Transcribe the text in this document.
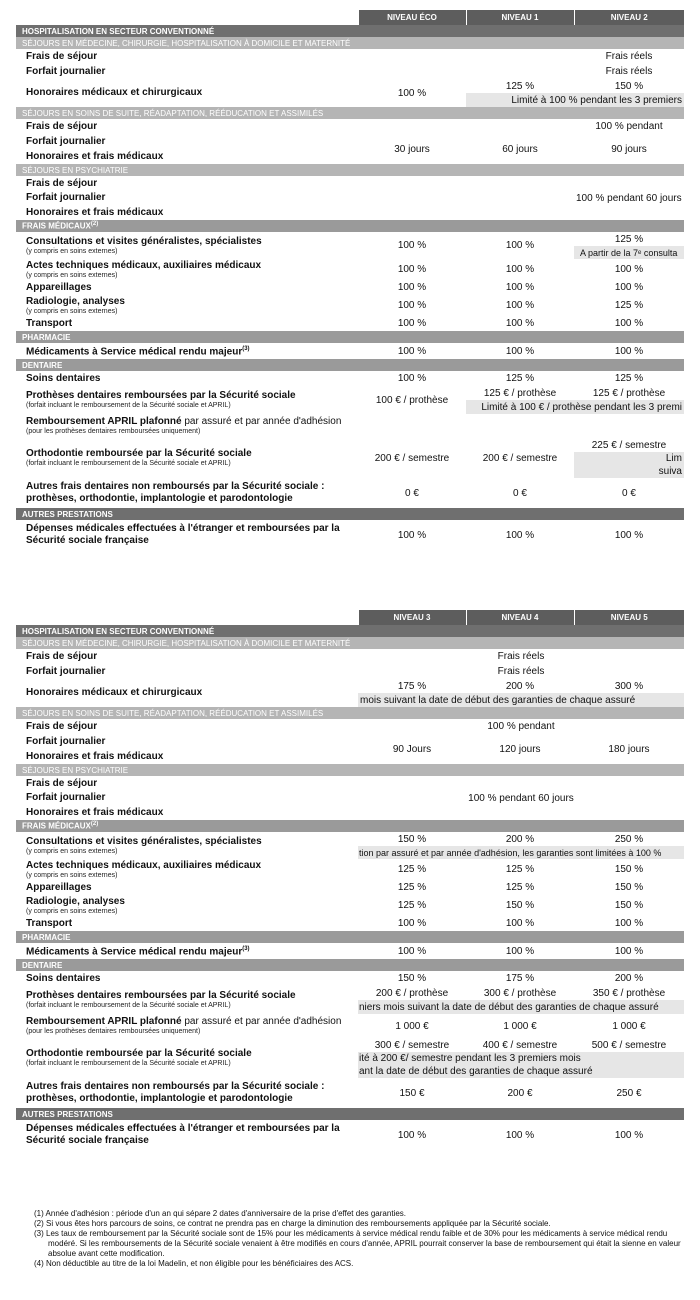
	NIVEAU ÉCO	NIVEAU 1	NIVEAU 2
HOSPITALISATION EN SECTEUR CONVENTIONNÉ			
SÉJOURS EN MÉDECINE, CHIRURGIE, HOSPITALISATION À DOMICILE ET MATERNITÉ			

Frais de séjour			Frais réels

Forfait journalier			Frais réels

Honoraires médicaux et chirurgicaux	100 %	125 %	150 %
		Limité à 100 % pendant les 3 premiers	
SÉJOURS EN SOINS DE SUITE, RÉADAPTATION, RÉÉDUCATION ET ASSIMILÉS			

Frais de séjour			100 % pendant

Forfait journalier	30 jours	60 jours	90 jours

Honoraires et frais médicaux			

SÉJOURS EN PSYCHIATRIE			

Frais de séjour			100 % pendant 60 jours

Forfait journalier			

Honoraires et frais médicaux			

FRAIS MÉDICAUX$^{(2)}$

Consultations et visites généralistes, spécialistes
(y compris en soins externes)	100 %	100 %	125 %
			A partir de la 7ᵉ consulta

Actes techniques médicaux, auxiliaires médicaux
(y compris en soins externes)	100 %	100 %	100 %

Appareillages	100 %	100 %	100 %

Radiologie, analyses
(y compris en soins externes)	100 %	100 %	125 %

Transport	100 %	100 %	100 %
PHARMACIE			

Médicaments à Service médical rendu majeur$^{(3)}$	100 %	100 %	100 %
DENTAIRE			

Soins dentaires	100 %	125 %	125 %

Prothèses dentaires remboursées par la Sécurité sociale
(forfait incluant le remboursement de la Sécurité sociale et APRIL)	100 € / prothèse	125 € / prothèse	125 € / prothèse
		Limité à 100 € / prothèse pendant les 3 premi	

Remboursement APRIL plafonné par assuré et par année d'adhésion
(pour les prothèses dentaires remboursées uniquement)			

Orthodontie remboursée par la Sécurité sociale
(forfait incluant le remboursement de la Sécurité sociale et APRIL)	200 € / semestre	200 € / semestre	225 € / semestre
			Lim
			suiva

Autres frais dentaires non remboursés par la Sécurité sociale :
prothèses, orthodontie, implantologie et parodontologie	0 €	0 €	0 €
AUTRES PRESTATIONS			

Dépenses médicales effectuées à l'étranger et remboursées par la
Sécurité sociale française	100 %	100 %	100 %
	NIVEAU 3	NIVEAU 4	NIVEAU 5
HOSPITALISATION EN SECTEUR CONVENTIONNÉ			
SÉJOURS EN MÉDECINE, CHIRURGIE, HOSPITALISATION À DOMICILE ET MATERNITÉ			

Frais de séjour	Frais réels		

Forfait journalier	Frais réels		

Honoraires médicaux et chirurgicaux	175 %	200 %	300 %
	mois suivant la date de début des garanties de chaque assuré		
SÉJOURS EN SOINS DE SUITE, RÉADAPTATION, RÉÉDUCATION ET ASSIMILÉS			

Frais de séjour	100 % pendant		

Forfait journalier	90 Jours	120 jours	180 jours

Honoraires et frais médicaux			

SÉJOURS EN PSYCHIATRIE			

Frais de séjour	100 % pendant 60 jours		

Forfait journalier			

Honoraires et frais médicaux			

FRAIS MÉDICAUX$^{(2)}$

Consultations et visites généralistes, spécialistes
(y compris en soins externes)	150 %	200 %	250 %
	tion par assuré et par année d'adhésion, les garanties sont limitées à 100 %		

Actes techniques médicaux, auxiliaires médicaux
(y compris en soins externes)	125 %	125 %	150 %

Appareillages	125 %	125 %	150 %

Radiologie, analyses
(y compris en soins externes)	125 %	150 %	150 %

Transport	100 %	100 %	100 %
PHARMACIE			

Médicaments à Service médical rendu majeur$^{(3)}$	100 %	100 %	100 %
DENTAIRE			

Soins dentaires	150 %	175 %	200 %

Prothèses dentaires remboursées par la Sécurité sociale
(forfait incluant le remboursement de la Sécurité sociale et APRIL)	200 € / prothèse	300 € / prothèse	350 € / prothèse
	niers mois suivant la date de début des garanties de chaque assuré		

Remboursement APRIL plafonné par assuré et par année d'adhésion
(pour les prothèses dentaires remboursées uniquement)	1 000 €	1 000 €	1 000 €

Orthodontie remboursée par la Sécurité sociale
(forfait incluant le remboursement de la Sécurité sociale et APRIL)	300 € / semestre	400 € / semestre	500 € / semestre
	ité à 200 €/ semestre pendant les 3 premiers mois		
	ant la date de début des garanties de chaque assuré		

Autres frais dentaires non remboursés par la Sécurité sociale :
prothèses, orthodontie, implantologie et parodontologie	150 €	200 €	250 €
AUTRES PRESTATIONS			

Dépenses médicales effectuées à l'étranger et remboursées par la
Sécurité sociale française	100 %	100 %	100 %

(1) Année d'adhésion : période d'un an qui sépare 2 dates d'anniversaire de la prise d'effet des garanties.

(2) Si vous êtes hors parcours de soins, ce contrat ne prendra pas en charge la diminution des remboursements appliquée par la Sécurité sociale.

(3) Les taux de remboursement par la Sécurité sociale sont de 15% pour les médicaments à service médical rendu faible et de 30% pour les médicaments à service médical rendu modéré. Si les remboursements de la Sécurité sociale venaient à être modifiés en cours d'année, APRIL pourrait conserver la base de remboursement qui était la sienne en valeur absolue avant cette modification.

(4) Non déductible au titre de la loi Madelin, et non éligible pour les bénéficiaires des ACS.
